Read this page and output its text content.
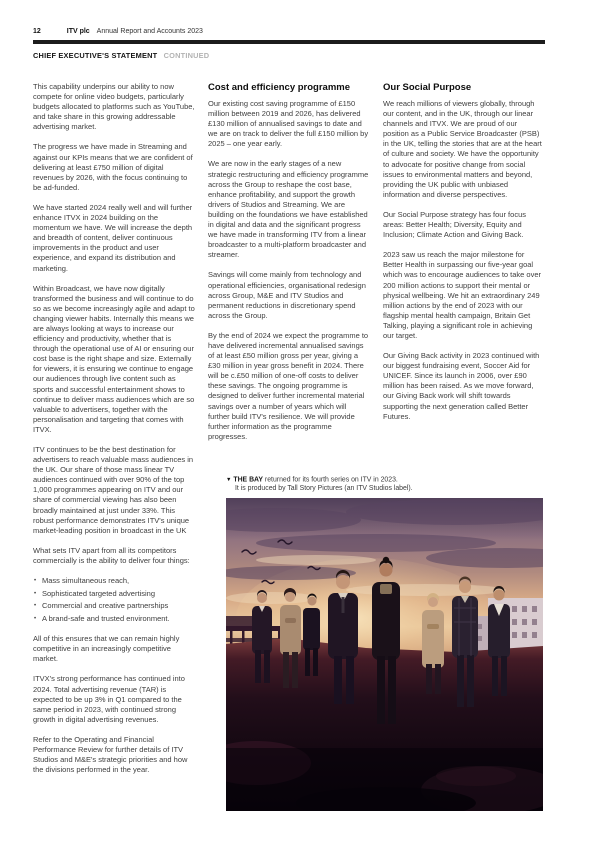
12	ITV plc Annual Report and Accounts 2023
CHIEF EXECUTIVE'S STATEMENT CONTINUED

This capability underpins our ability to now compete for online video budgets, particularly budgets allocated to platforms such as YouTube, and take share in this growing addressable advertising market.

The progress we have made in Streaming and against our KPIs means that we are confident of delivering at least £750 million of digital revenues by 2026, with the focus continuing to be ad-funded.

We have started 2024 really well and will further enhance ITVX in 2024 building on the momentum we have. We will increase the depth and breadth of content, deliver continuous improvements in the product and user experience, and expand its distribution and marketing.

Within Broadcast, we have now digitally transformed the business and will continue to do so as we become increasingly agile and adapt to changing viewer habits. Internally this means we are always looking at ways to increase our efficiency and productivity, whether that is through the operational use of AI or ensuring our cost base is the right shape and size. Externally for viewers, it is ensuring we continue to engage our audiences through live content such as sports and successful entertainment shows to continue to deliver mass audiences which are so valuable to advertisers, together with the personalisation and targeting that comes with ITVX.

ITV continues to be the best destination for advertisers to reach valuable mass audiences in the UK. Our share of those mass linear TV audiences continued with over 90% of the top 1,000 programmes appearing on ITV and our share of commercial viewing has also been broadly maintained at just under 33%. This robust performance demonstrates ITV's unique market-leading position in broadcast in the UK

What sets ITV apart from all its competitors commercially is the ability to deliver four things:

• Mass simultaneous reach,
• Sophisticated targeted advertising
• Commercial and creative partnerships
• A brand-safe and trusted environment.

All of this ensures that we can remain highly competitive in an increasingly competitive market.

ITVX's strong performance has continued into 2024. Total advertising revenue (TAR) is expected to be up 3% in Q1 compared to the same period in 2023, with continued strong growth in digital advertising revenues.

Refer to the Operating and Financial Performance Review for further details of ITV Studios and M&E's strategic priorities and how the divisions performed in the year.

Cost and efficiency programme

Our existing cost saving programme of £150 million between 2019 and 2026, has delivered £130 million of annualised savings to date and we are on track to deliver the full £150 million by 2025 – one year early.

We are now in the early stages of a new strategic restructuring and efficiency programme across the Group to reshape the cost base, enhance profitability, and support the growth drivers of Studios and Streaming. We are building on the foundations we have established in digital and data and the significant progress we have made in transforming ITV from a linear broadcaster to a multi-platform broadcaster and streamer.

Savings will come mainly from technology and operational efficiencies, organisational redesign across Group, M&E and ITV Studios and permanent reductions in discretionary spend across the Group.

By the end of 2024 we expect the programme to have delivered incremental annualised savings of at least £50 million gross per year, giving a £30 million in year gross benefit in 2024. There will be c.£50 million of one-off costs to deliver these savings. The ongoing programme is designed to deliver further incremental material savings over a number of years which will further build ITV's resilience. We will provide further information as the programme progresses.

Our Social Purpose

We reach millions of viewers globally, through our content, and in the UK, through our linear channels and ITVX. We are proud of our position as a Public Service Broadcaster (PSB) in the UK, telling the stories that are at the heart of culture and society. We have the opportunity to advocate for positive change from social issues to environmental matters and beyond, providing the UK public with unbiased information and diverse perspectives.

Our Social Purpose strategy has four focus areas: Better Health; Diversity, Equity and Inclusion; Climate Action and Giving Back.

2023 saw us reach the major milestone for Better Health in surpassing our five-year goal which was to encourage audiences to take over 200 million actions to support their mental or physical wellbeing. We hit an extraordinary 249 million actions by the end of 2023 with our flagship mental health campaign, Britain Get Talking, playing a significant role in achieving our target.

Our Giving Back activity in 2023 continued with our biggest fundraising event, Soccer Aid for UNICEF. Since its launch in 2006, over £90 million has been raised. As we move forward, our Giving Back work will shift towards supporting the next generation called Better Futures.

▼ THE BAY returned for its fourth series on ITV in 2023.
It is produced by Tall Story Pictures (an ITV Studios label).
